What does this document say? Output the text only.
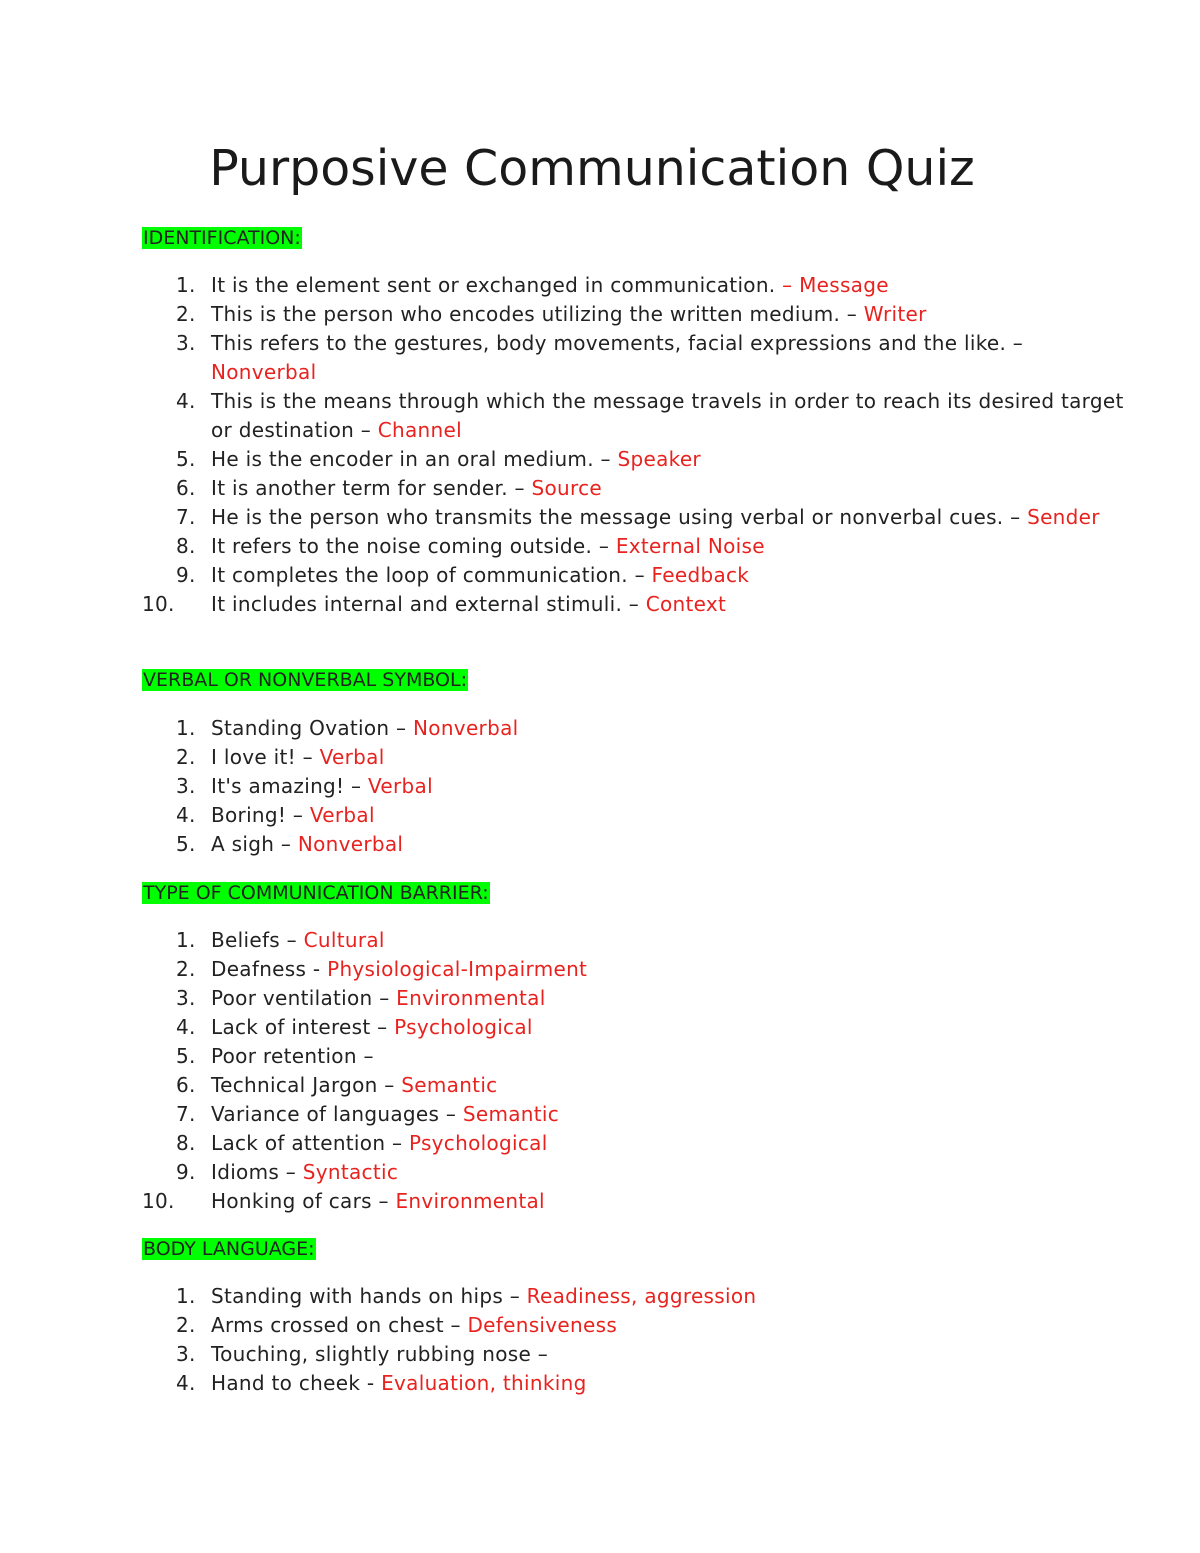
Purposive Communication Quiz
IDENTIFICATION:
1. It is the element sent or exchanged in communication. – Message
2. This is the person who encodes utilizing the written medium. – Writer
3. This refers to the gestures, body movements, facial expressions and the like. – Nonverbal
4. This is the means through which the message travels in order to reach its desired target or destination – Channel
5. He is the encoder in an oral medium. – Speaker
6. It is another term for sender. – Source
7. He is the person who transmits the message using verbal or nonverbal cues. – Sender
8. It refers to the noise coming outside. – External Noise
9. It completes the loop of communication. – Feedback
10. It includes internal and external stimuli. – Context
VERBAL OR NONVERBAL SYMBOL:
1. Standing Ovation – Nonverbal
2. I love it! – Verbal
3. It's amazing! – Verbal
4. Boring! – Verbal
5. A sigh – Nonverbal
TYPE OF COMMUNICATION BARRIER:
1. Beliefs – Cultural
2. Deafness - Physiological-Impairment
3. Poor ventilation – Environmental
4. Lack of interest – Psychological
5. Poor retention –
6. Technical Jargon – Semantic
7. Variance of languages – Semantic
8. Lack of attention – Psychological
9. Idioms – Syntactic
10. Honking of cars – Environmental
BODY LANGUAGE:
1. Standing with hands on hips – Readiness, aggression
2. Arms crossed on chest – Defensiveness
3. Touching, slightly rubbing nose –
4. Hand to cheek - Evaluation, thinking
